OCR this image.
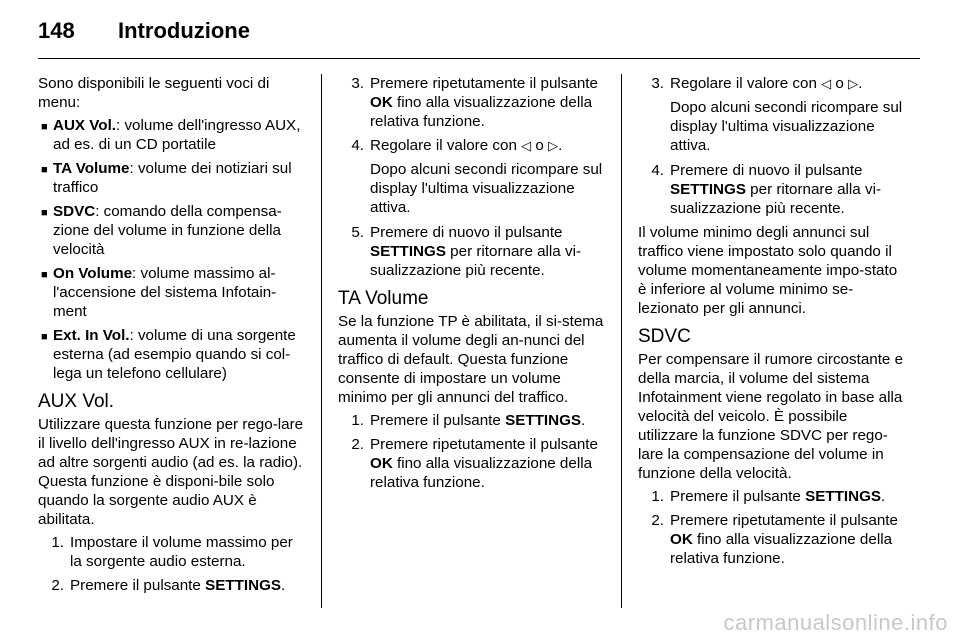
148 Introduzione

Sono disponibili le seguenti voci di menu:

■ AUX Vol.: volume dell'ingresso AUX, ad es. di un CD portatile
■ TA Volume: volume dei notiziari sul traffico
■ SDVC: comando della compensa-zione del volume in funzione della velocità
■ On Volume: volume massimo al-l'accensione del sistema Infotain-ment
■ Ext. In Vol.: volume di una sorgente esterna (ad esempio quando si col-lega un telefono cellulare)
AUX Vol.

Utilizzare questa funzione per rego-lare il livello dell'ingresso AUX in re-lazione ad altre sorgenti audio (ad es. la radio). Questa funzione è disponi-bile solo quando la sorgente audio AUX è abilitata.

1. Impostare il volume massimo per la sorgente audio esterna.
2. Premere il pulsante SETTINGS.
3. Premere ripetutamente il pulsante OK fino alla visualizzazione della relativa funzione.
4. Regolare il valore con ◁ o ▷.

Dopo alcuni secondi ricompare sul display l'ultima visualizzazione attiva.

5. Premere di nuovo il pulsante SETTINGS per ritornare alla vi-sualizzazione più recente.
TA Volume

Se la funzione TP è abilitata, il si-stema aumenta il volume degli an-nunci del traffico di default. Questa funzione consente di impostare un volume minimo per gli annunci del traffico.

1. Premere il pulsante SETTINGS.
2. Premere ripetutamente il pulsante OK fino alla visualizzazione della relativa funzione.
3. Regolare il valore con ◁ o ▷.

Dopo alcuni secondi ricompare sul display l'ultima visualizzazione attiva.

4. Premere di nuovo il pulsante SETTINGS per ritornare alla vi-sualizzazione più recente.

Il volume minimo degli annunci sul traffico viene impostato solo quando il volume momentaneamente impo-stato è inferiore al volume minimo se-lezionato per gli annunci.

SDVC

Per compensare il rumore circostante e della marcia, il volume del sistema Infotainment viene regolato in base alla velocità del veicolo. È possibile utilizzare la funzione SDVC per rego-lare la compensazione del volume in funzione della velocità.

1. Premere il pulsante SETTINGS.
2. Premere ripetutamente il pulsante OK fino alla visualizzazione della relativa funzione.
carmanualsonline.info
